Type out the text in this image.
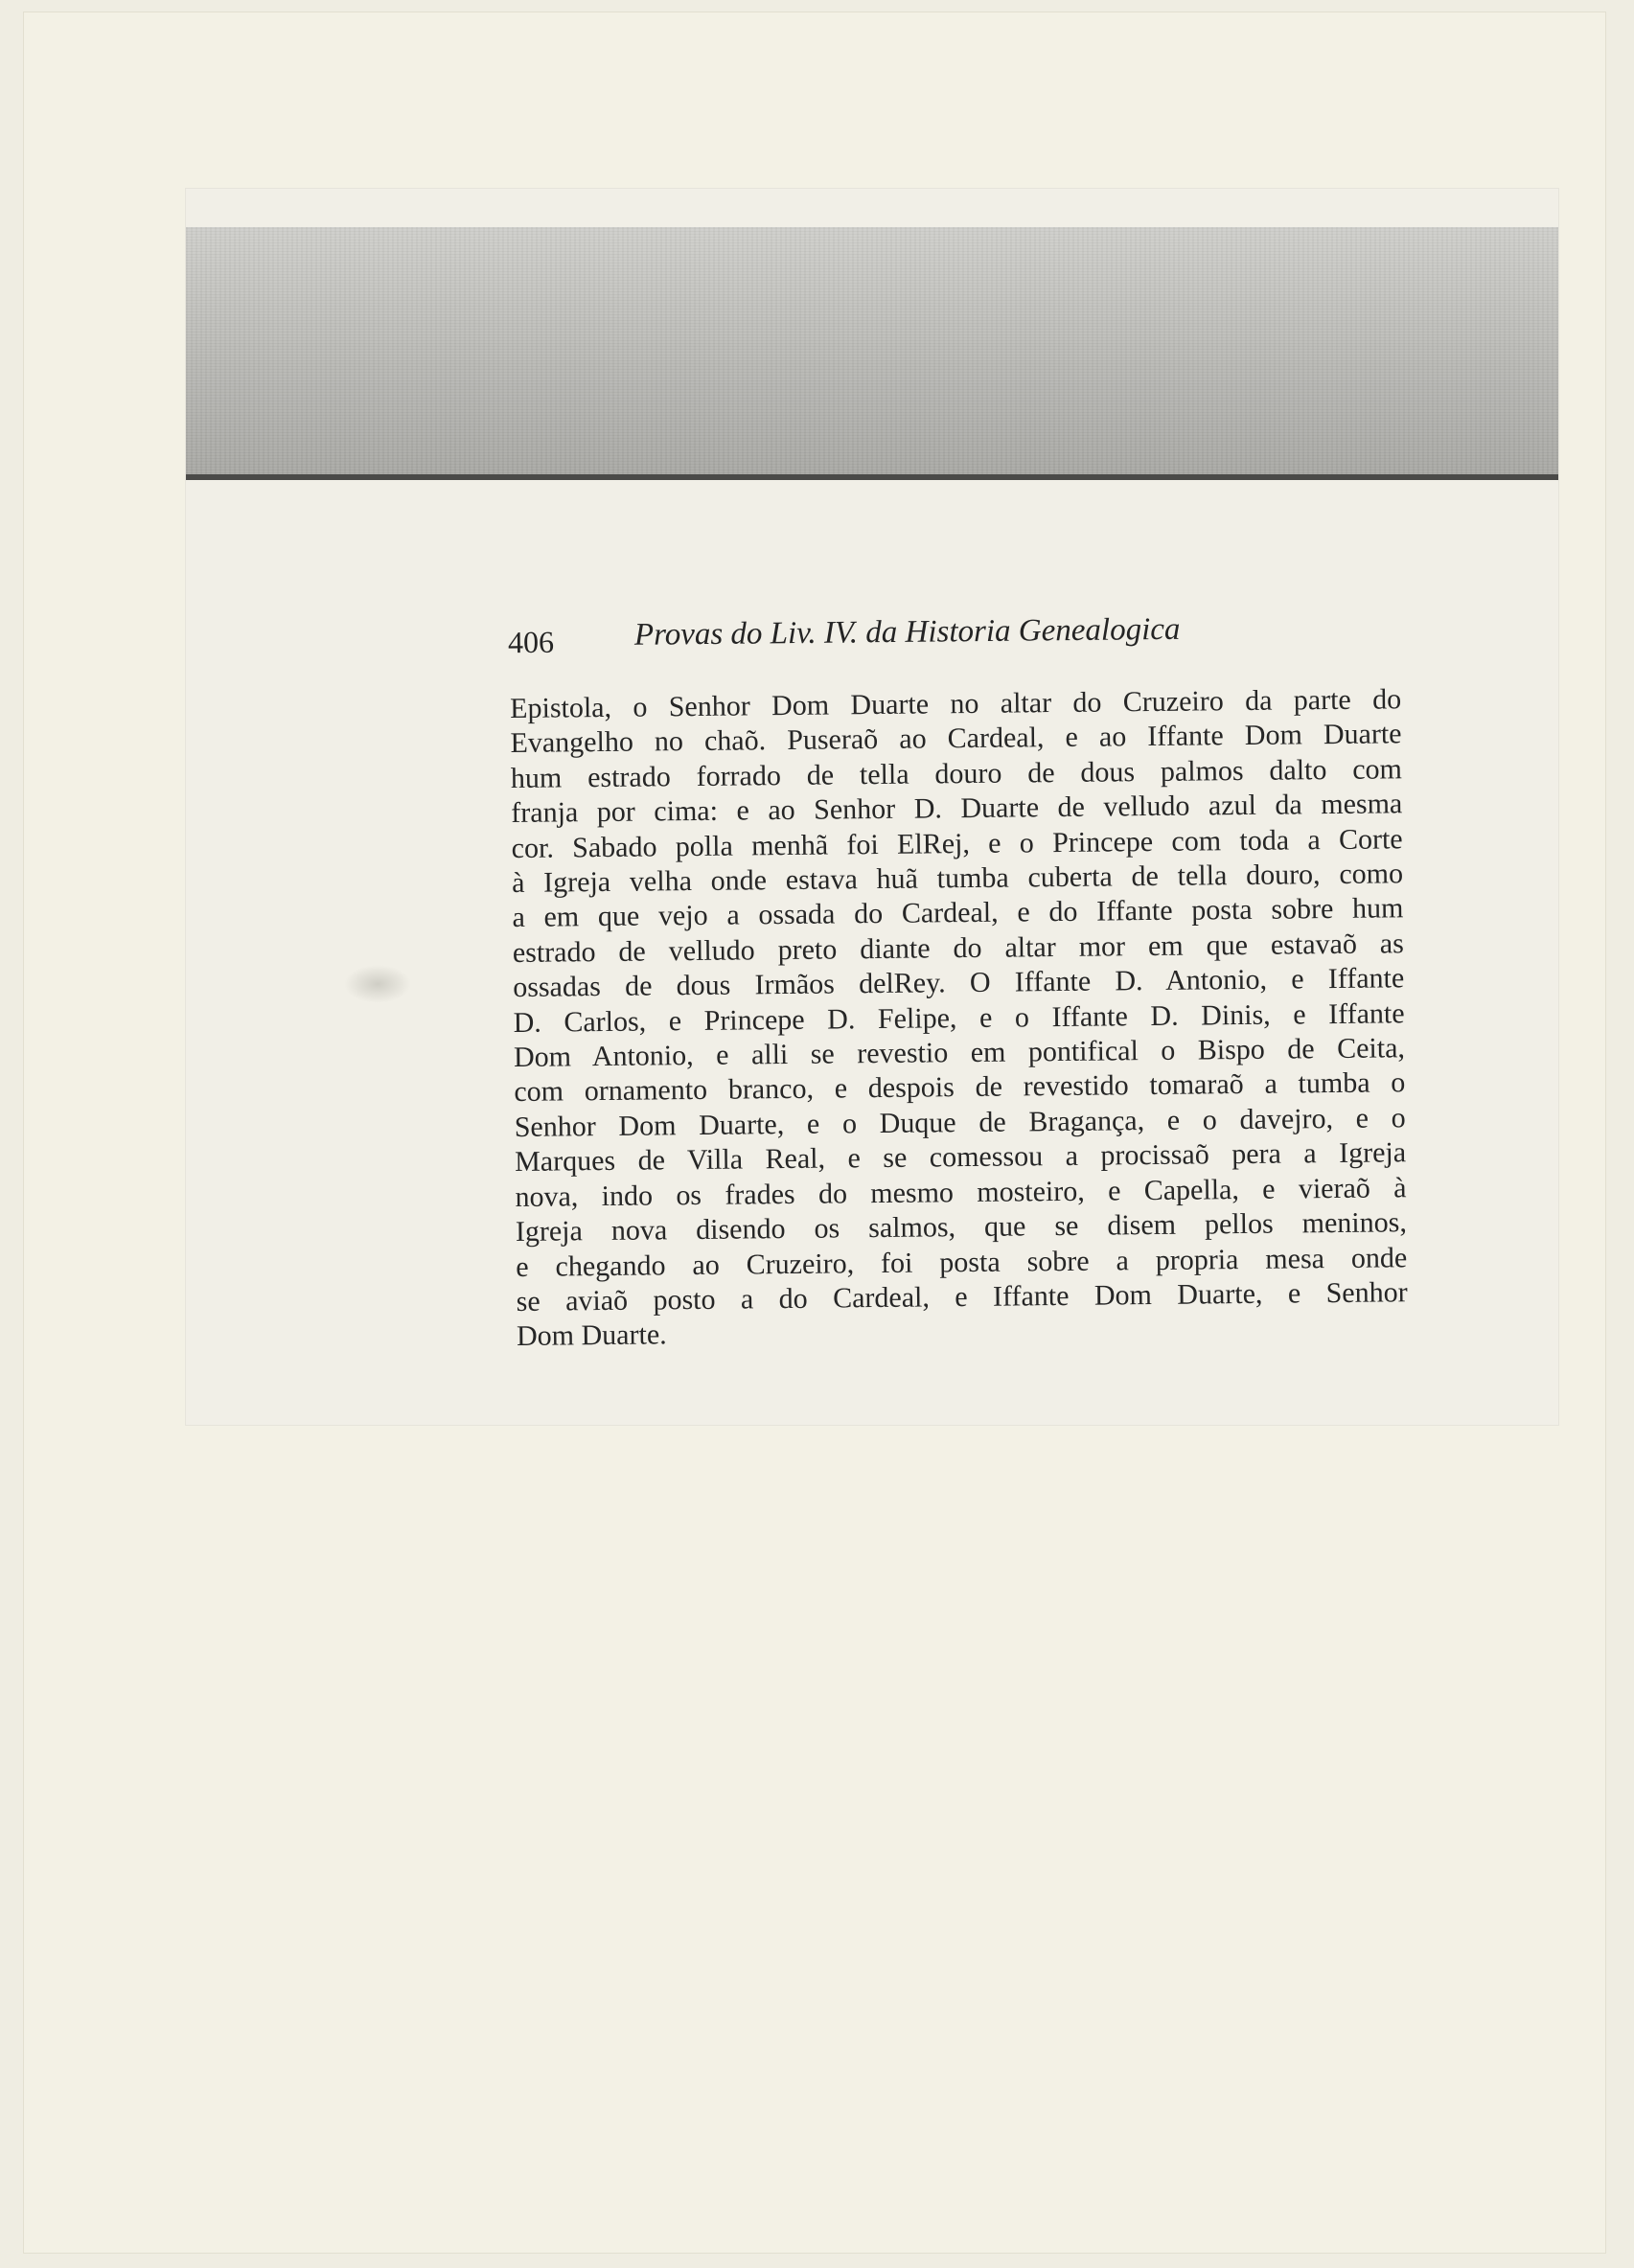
406	Provas do Liv. IV. da Historia Genealogica
Epistola, o Senhor Dom Duarte no altar do Cruzeiro da parte do
Evangelho no chaõ. Puseraõ ao Cardeal, e ao Iffante Dom Duarte
hum estrado forrado de tella douro de dous palmos dalto com
franja por cima: e ao Senhor D. Duarte de velludo azul da mesma
cor. Sabado polla menhã foi ElRej, e o Princepe com toda a Corte
à Igreja velha onde estava huã tumba cuberta de tella douro, como
a em que vejo a ossada do Cardeal, e do Iffante posta sobre hum
estrado de velludo preto diante do altar mor em que estavaõ as
ossadas de dous Irmãos delRey. O Iffante D. Antonio, e Iffante
D. Carlos, e Princepe D. Felipe, e o Iffante D. Dinis, e Iffante
Dom Antonio, e alli se revestio em pontifical o Bispo de Ceita,
com ornamento branco, e despois de revestido tomaraõ a tumba o
Senhor Dom Duarte, e o Duque de Bragança, e o davejro, e o
Marques de Villa Real, e se comessou a procissaõ pera a Igreja
nova, indo os frades do mesmo mosteiro, e Capella, e vieraõ à
Igreja nova disendo os salmos, que se disem pellos meninos,
e chegando ao Cruzeiro, foi posta sobre a propria mesa onde
se aviaõ posto a do Cardeal, e Iffante Dom Duarte, e Senhor
Dom Duarte.
